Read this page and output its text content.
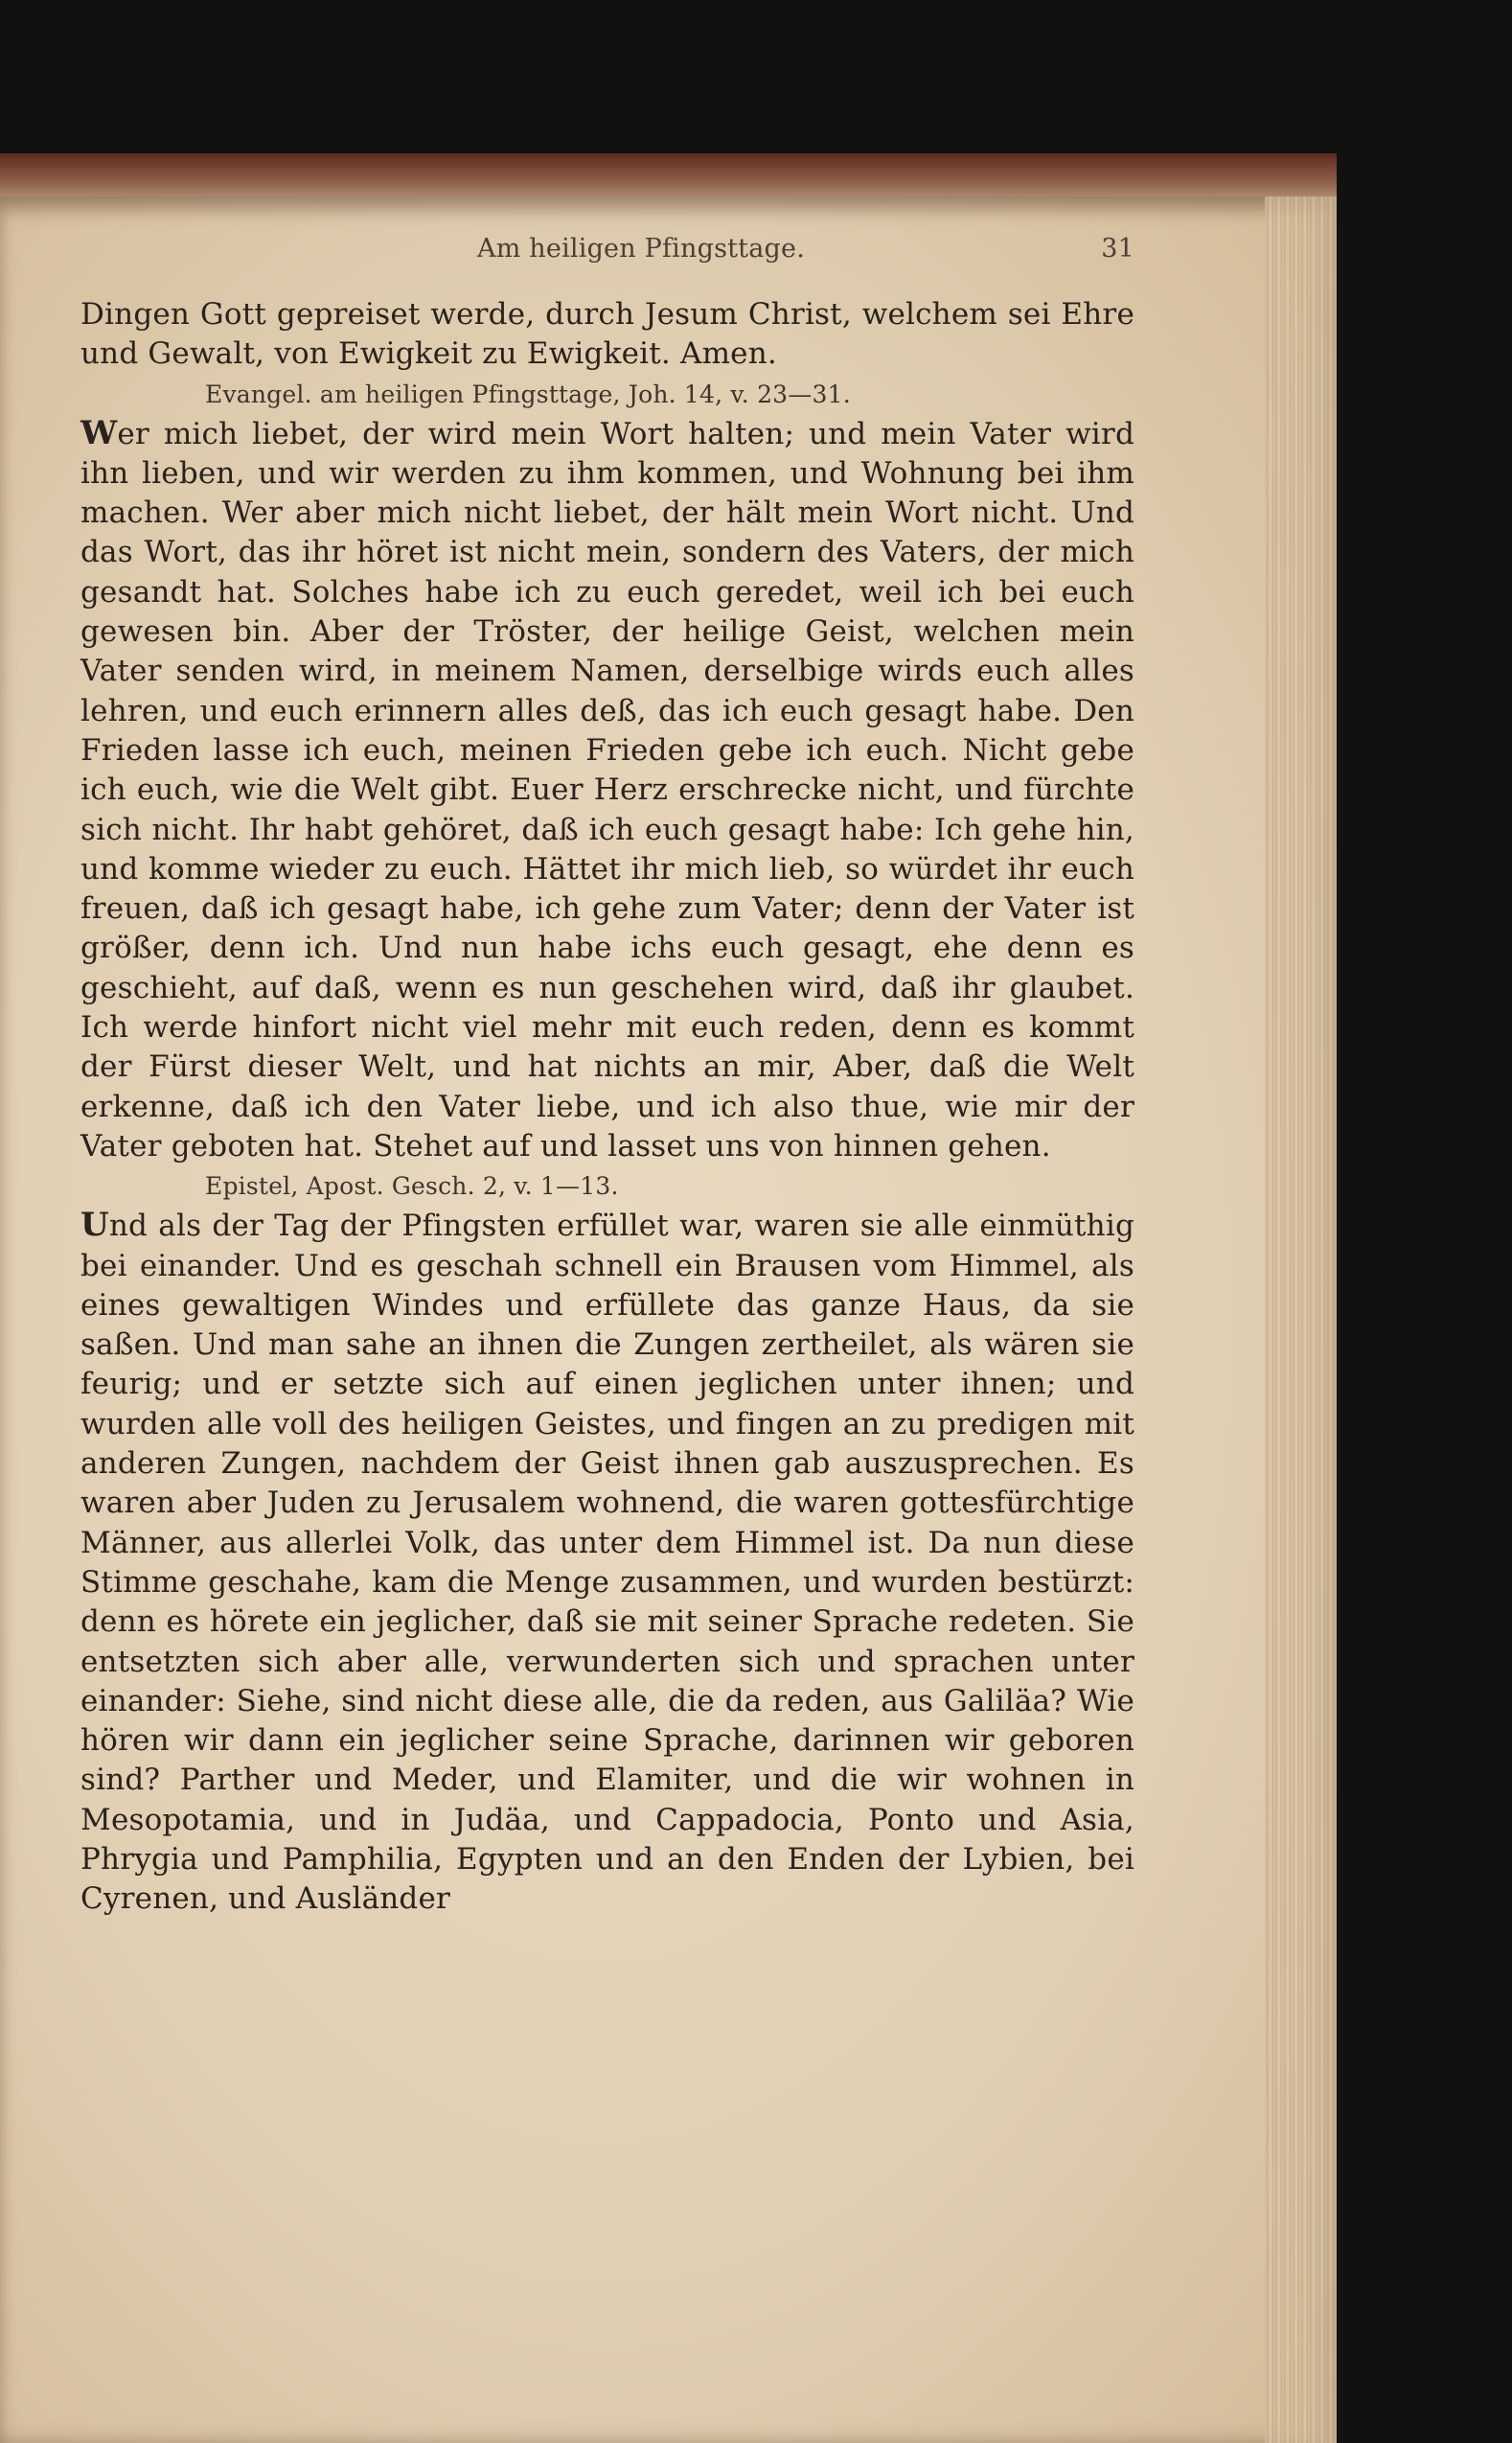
Am heiligen Pfingsttage.	31

Dingen Gott gepreiset werde, durch Jesum Christ, welchem sei Ehre und Gewalt, von Ewigkeit zu Ewigkeit. Amen.

Evangel. am heiligen Pfingsttage, Joh. 14, v. 23—31.

Wer mich liebet, der wird mein Wort halten; und mein Vater wird ihn lieben, und wir werden zu ihm kommen, und Wohnung bei ihm machen. Wer aber mich nicht liebet, der hält mein Wort nicht. Und das Wort, das ihr höret ist nicht mein, sondern des Vaters, der mich gesandt hat. Solches habe ich zu euch geredet, weil ich bei euch gewesen bin. Aber der Tröster, der heilige Geist, welchen mein Vater senden wird, in meinem Namen, derselbige wirds euch alles lehren, und euch erinnern alles deß, das ich euch gesagt habe. Den Frieden lasse ich euch, meinen Frieden gebe ich euch. Nicht gebe ich euch, wie die Welt gibt. Euer Herz erschrecke nicht, und fürchte sich nicht. Ihr habt gehöret, daß ich euch gesagt habe: Ich gehe hin, und komme wieder zu euch. Hättet ihr mich lieb, so würdet ihr euch freuen, daß ich gesagt habe, ich gehe zum Vater; denn der Vater ist größer, denn ich. Und nun habe ichs euch gesagt, ehe denn es geschieht, auf daß, wenn es nun geschehen wird, daß ihr glaubet. Ich werde hinfort nicht viel mehr mit euch reden, denn es kommt der Fürst dieser Welt, und hat nichts an mir, Aber, daß die Welt erkenne, daß ich den Vater liebe, und ich also thue, wie mir der Vater geboten hat. Stehet auf und lasset uns von hinnen gehen.

Epistel, Apost. Gesch. 2, v. 1—13.

Und als der Tag der Pfingsten erfüllet war, waren sie alle einmüthig bei einander. Und es geschah schnell ein Brausen vom Himmel, als eines gewaltigen Windes und erfüllete das ganze Haus, da sie saßen. Und man sahe an ihnen die Zungen zertheilet, als wären sie feurig; und er setzte sich auf einen jeglichen unter ihnen; und wurden alle voll des heiligen Geistes, und fingen an zu predigen mit anderen Zungen, nachdem der Geist ihnen gab auszusprechen. Es waren aber Juden zu Jerusalem wohnend, die waren gottesfürchtige Männer, aus allerlei Volk, das unter dem Himmel ist. Da nun diese Stimme geschahe, kam die Menge zusammen, und wurden bestürzt: denn es hörete ein jeglicher, daß sie mit seiner Sprache redeten. Sie entsetzten sich aber alle, verwunderten sich und sprachen unter einander: Siehe, sind nicht diese alle, die da reden, aus Galiläa? Wie hören wir dann ein jeglicher seine Sprache, darinnen wir geboren sind? Parther und Meder, und Elamiter, und die wir wohnen in Mesopotamia, und in Judäa, und Cappadocia, Ponto und Asia, Phrygia und Pamphilia, Egypten und an den Enden der Lybien, bei Cyrenen, und Ausländer
